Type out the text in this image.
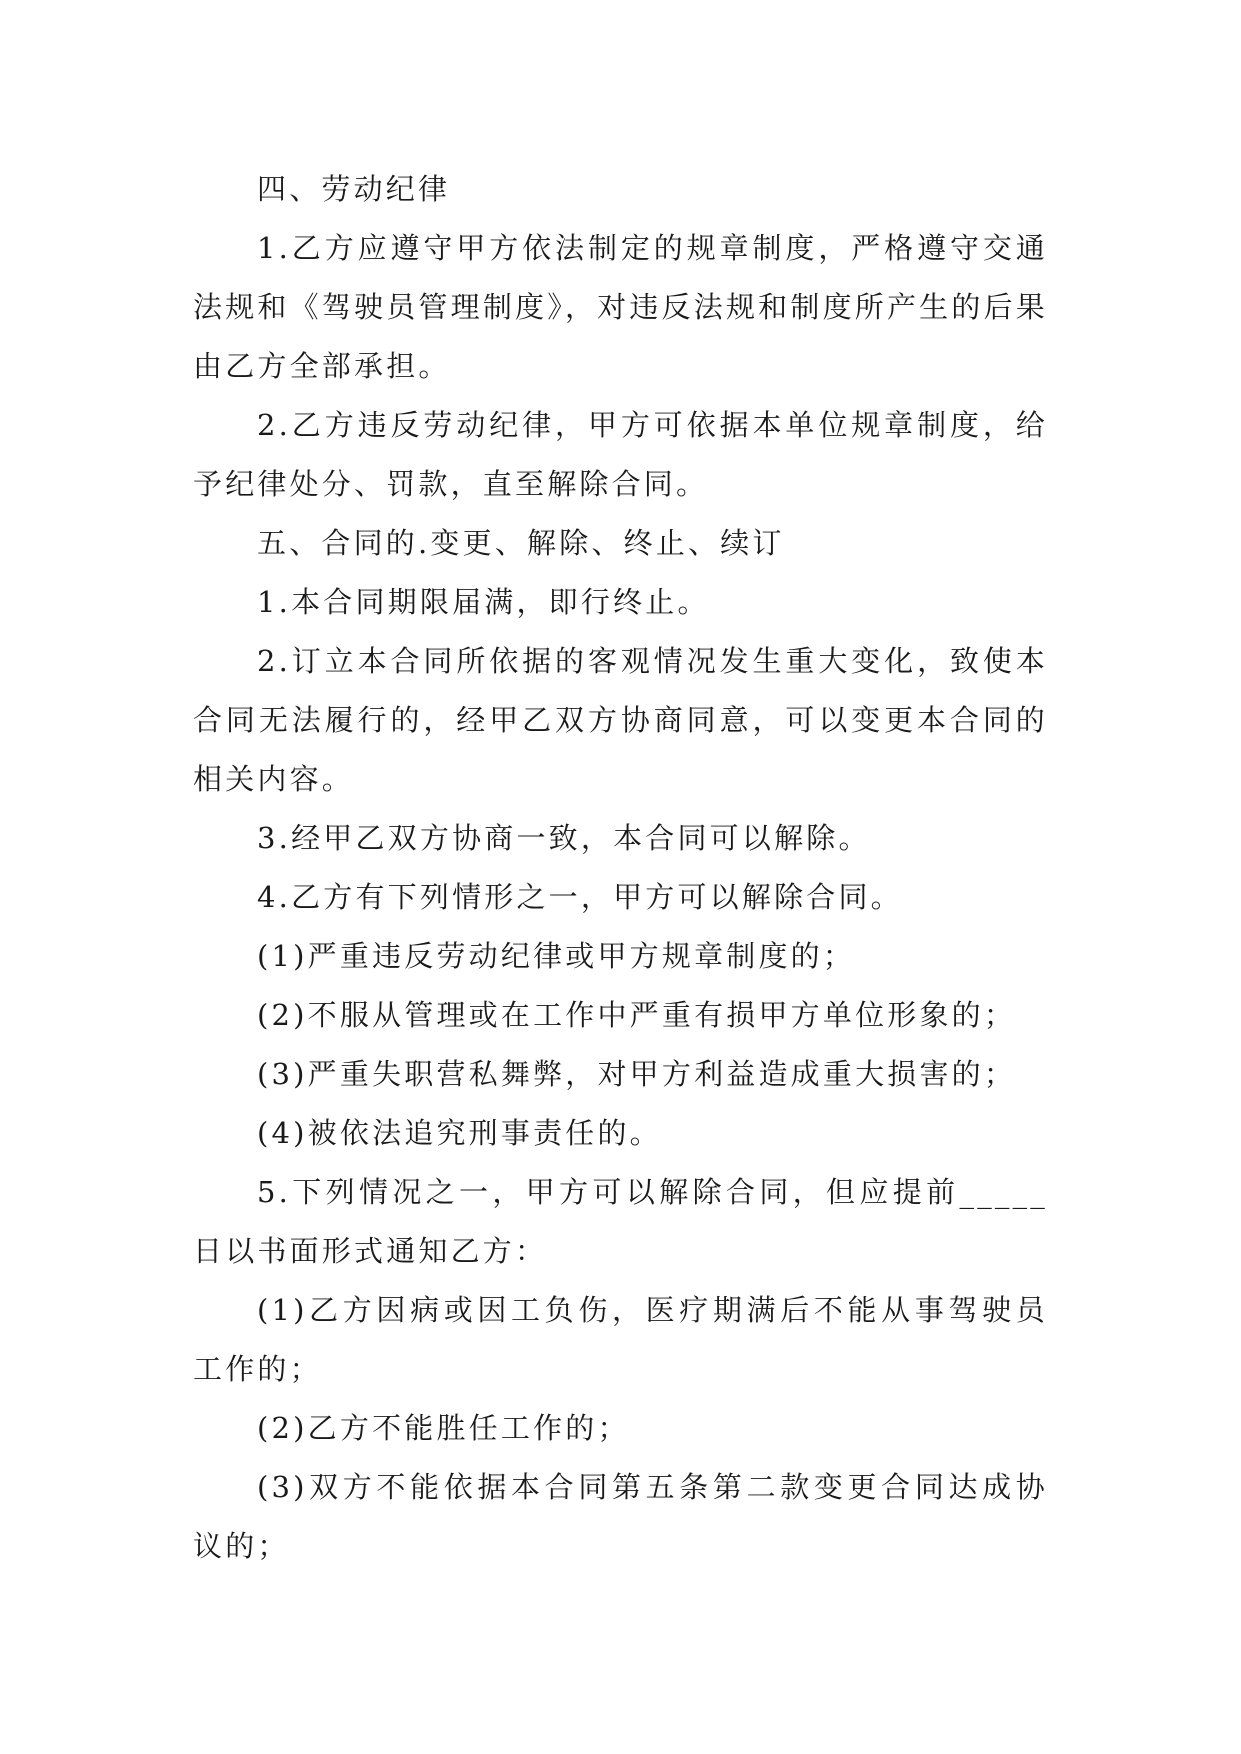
四、劳动纪律

1.乙方应遵守甲方依法制定的规章制度，严格遵守交通法规和《驾驶员管理制度》，对违反法规和制度所产生的后果由乙方全部承担。

2.乙方违反劳动纪律，甲方可依据本单位规章制度，给予纪律处分、罚款，直至解除合同。

五、合同的.变更、解除、终止、续订

1.本合同期限届满，即行终止。

2.订立本合同所依据的客观情况发生重大变化，致使本合同无法履行的，经甲乙双方协商同意，可以变更本合同的相关内容。

3.经甲乙双方协商一致，本合同可以解除。

4.乙方有下列情形之一，甲方可以解除合同。

(1)严重违反劳动纪律或甲方规章制度的；

(2)不服从管理或在工作中严重有损甲方单位形象的；

(3)严重失职营私舞弊，对甲方利益造成重大损害的；

(4)被依法追究刑事责任的。

5.下列情况之一，甲方可以解除合同，但应提前_____日以书面形式通知乙方：

(1)乙方因病或因工负伤，医疗期满后不能从事驾驶员工作的；

(2)乙方不能胜任工作的；

(3)双方不能依据本合同第五条第二款变更合同达成协议的；
